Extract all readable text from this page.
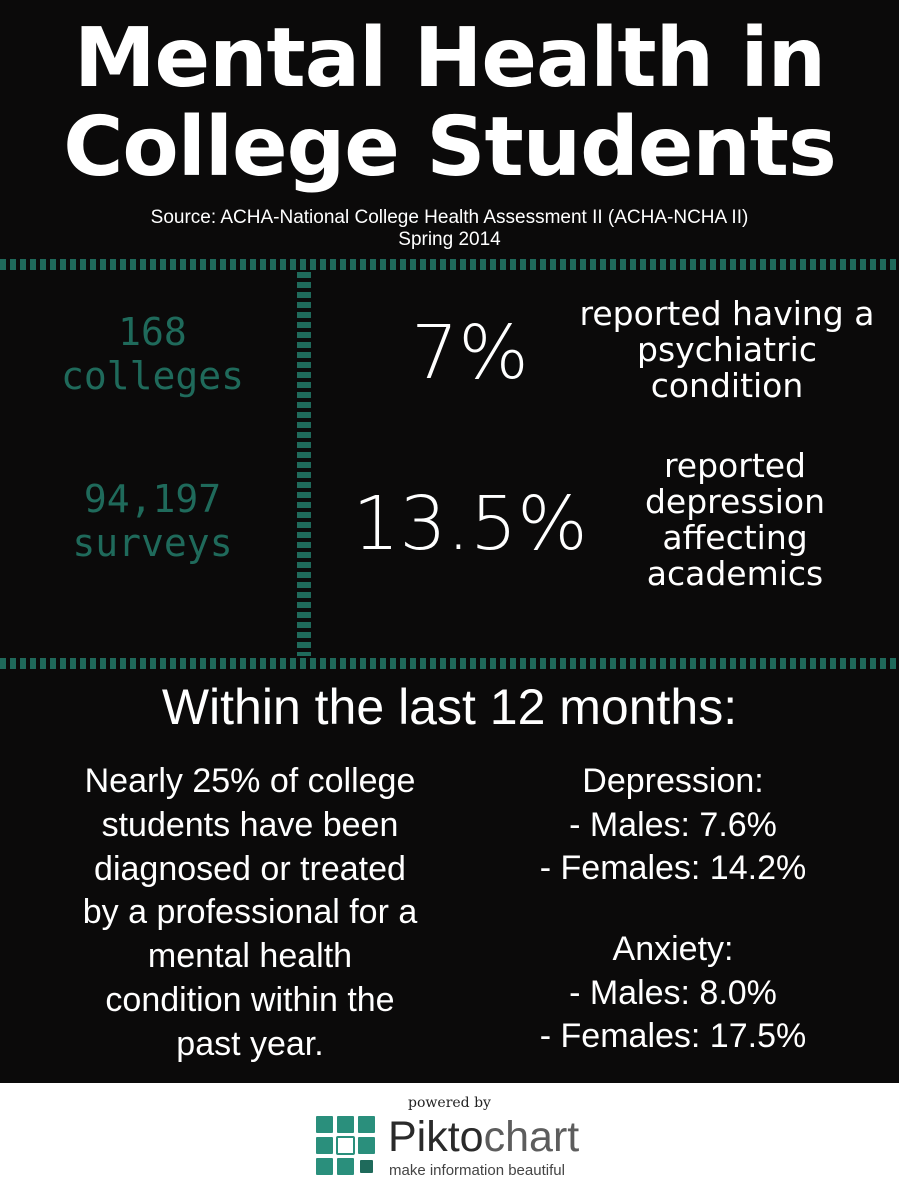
Mental Health in
College Students
Source: ACHA-National College Health Assessment II (ACHA-NCHA II)
Spring 2014
168
colleges
94,197
surveys
7%	reported having a
psychiatric
condition
13.5%
reported
depression
affecting
academics
Within the last 12 months:
Nearly 25% of college
students have been
diagnosed or treated
by a professional for a
mental health
condition within the
past year.
Depression:
- Males: 7.6%
- Females: 14.2%
Anxiety:
- Males: 8.0%
- Females: 17.5%
powered by
Piktochart
make information beautiful
